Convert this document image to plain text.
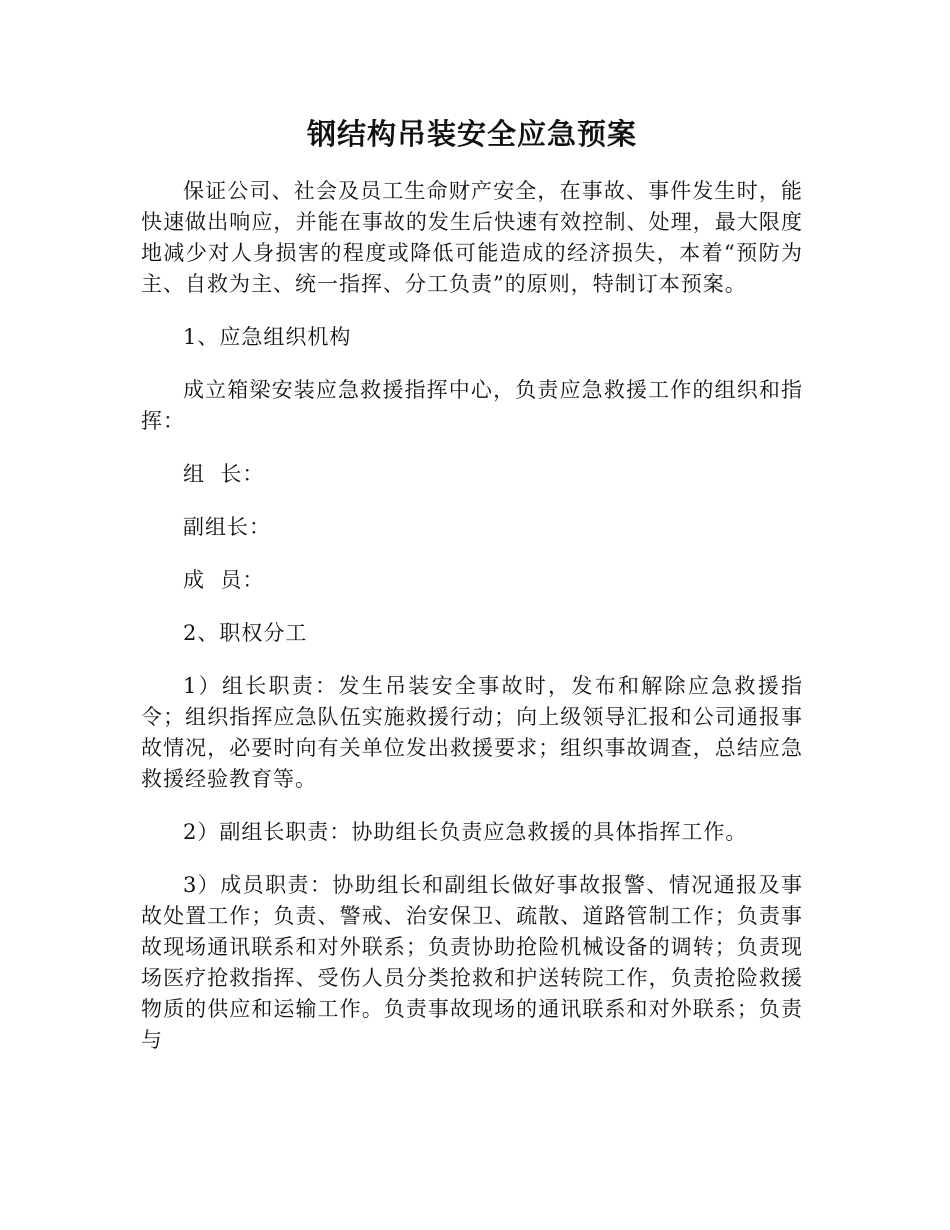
钢结构吊装安全应急预案

保证公司、社会及员工生命财产安全，在事故、事件发生时，能快速做出响应，并能在事故的发生后快速有效控制、处理，最大限度地减少对人身损害的程度或降低可能造成的经济损失，本着“预防为主、自救为主、统一指挥、分工负责”的原则，特制订本预案。

1、应急组织机构

成立箱梁安装应急救援指挥中心，负责应急救援工作的组织和指挥：

组  长：

副组长：

成  员：

2、职权分工

1）组长职责：发生吊装安全事故时，发布和解除应急救援指令；组织指挥应急队伍实施救援行动；向上级领导汇报和公司通报事故情况，必要时向有关单位发出救援要求；组织事故调查，总结应急救援经验教育等。

2）副组长职责：协助组长负责应急救援的具体指挥工作。

3）成员职责：协助组长和副组长做好事故报警、情况通报及事故处置工作；负责、警戒、治安保卫、疏散、道路管制工作；负责事故现场通讯联系和对外联系；负责协助抢险机械设备的调转；负责现场医疗抢救指挥、受伤人员分类抢救和护送转院工作，负责抢险救援物质的供应和运输工作。负责事故现场的通讯联系和对外联系；负责与
